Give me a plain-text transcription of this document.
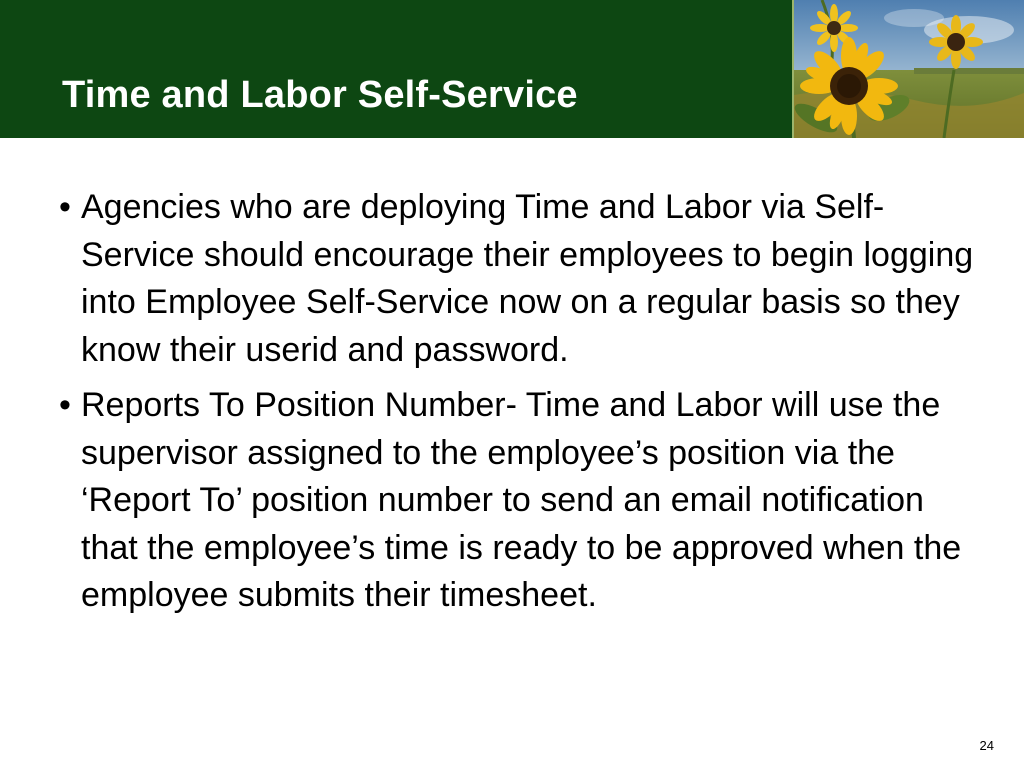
Time and Labor Self-Service
• Agencies who are deploying Time and Labor via Self-Service should encourage their employees to begin logging into Employee Self-Service now on a regular basis so they know their userid and password.
• Reports To Position Number- Time and Labor will use the supervisor assigned to the employee’s position via the ‘Report To’ position number to send an email notification that the employee’s time is ready to be approved when the employee submits their timesheet.
24
